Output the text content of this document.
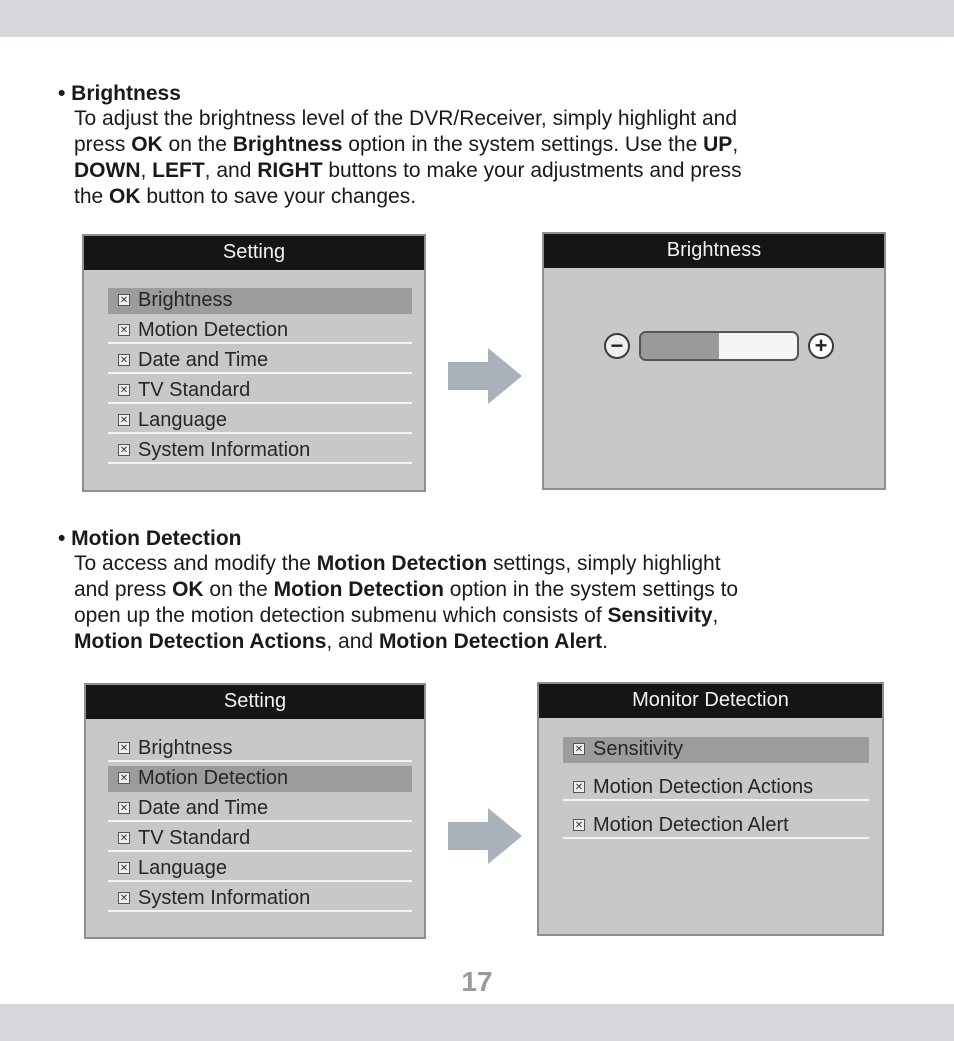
• Brightness
To adjust the brightness level of the DVR/Receiver, simply highlight and
press OK on the Brightness option in the system settings. Use the UP,
DOWN, LEFT, and RIGHT buttons to make your adjustments and press
the OK button to save your changes.
Setting
✕ Brightness
✕ Motion Detection
✕ Date and Time
✕ TV Standard
✕ Language
✕ System Information
Brightness
−	+
• Motion Detection
To access and modify the Motion Detection settings, simply highlight
and press OK on the Motion Detection option in the system settings to
open up the motion detection submenu which consists of Sensitivity,
Motion Detection Actions, and Motion Detection Alert.
Setting
✕ Brightness
✕ Motion Detection
✕ Date and Time
✕ TV Standard
✕ Language
✕ System Information
Monitor Detection
✕ Sensitivity
✕ Motion Detection Actions
✕ Motion Detection Alert
17
